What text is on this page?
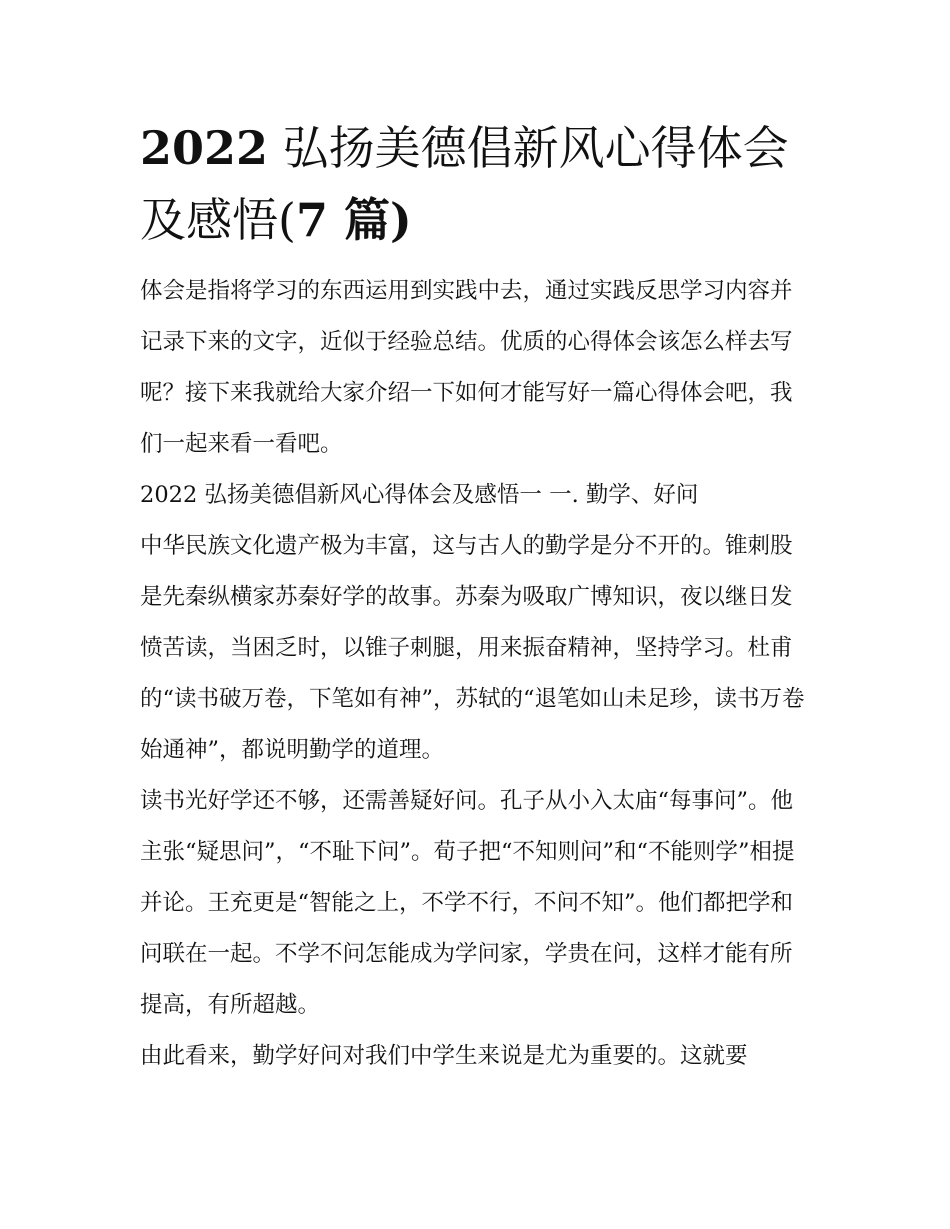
2022 弘扬美德倡新风心得体会及感悟(7 篇)

体会是指将学习的东西运用到实践中去，通过实践反思学习内容并记录下来的文字，近似于经验总结。优质的心得体会该怎么样去写呢？接下来我就给大家介绍一下如何才能写好一篇心得体会吧，我们一起来看一看吧。

2022 弘扬美德倡新风心得体会及感悟一 一. 勤学、好问

中华民族文化遗产极为丰富，这与古人的勤学是分不开的。锥刺股是先秦纵横家苏秦好学的故事。苏秦为吸取广博知识，夜以继日发愤苦读，当困乏时，以锥子刺腿，用来振奋精神，坚持学习。杜甫的“读书破万卷，下笔如有神”，苏轼的“退笔如山未足珍，读书万卷始通神”，都说明勤学的道理。

读书光好学还不够，还需善疑好问。孔子从小入太庙“每事问”。他主张“疑思问”，“不耻下问”。荀子把“不知则问”和“不能则学”相提并论。王充更是“智能之上，不学不行，不问不知”。他们都把学和问联在一起。不学不问怎能成为学问家，学贵在问，这样才能有所提高，有所超越。

由此看来，勤学好问对我们中学生来说是尤为重要的。这就要
